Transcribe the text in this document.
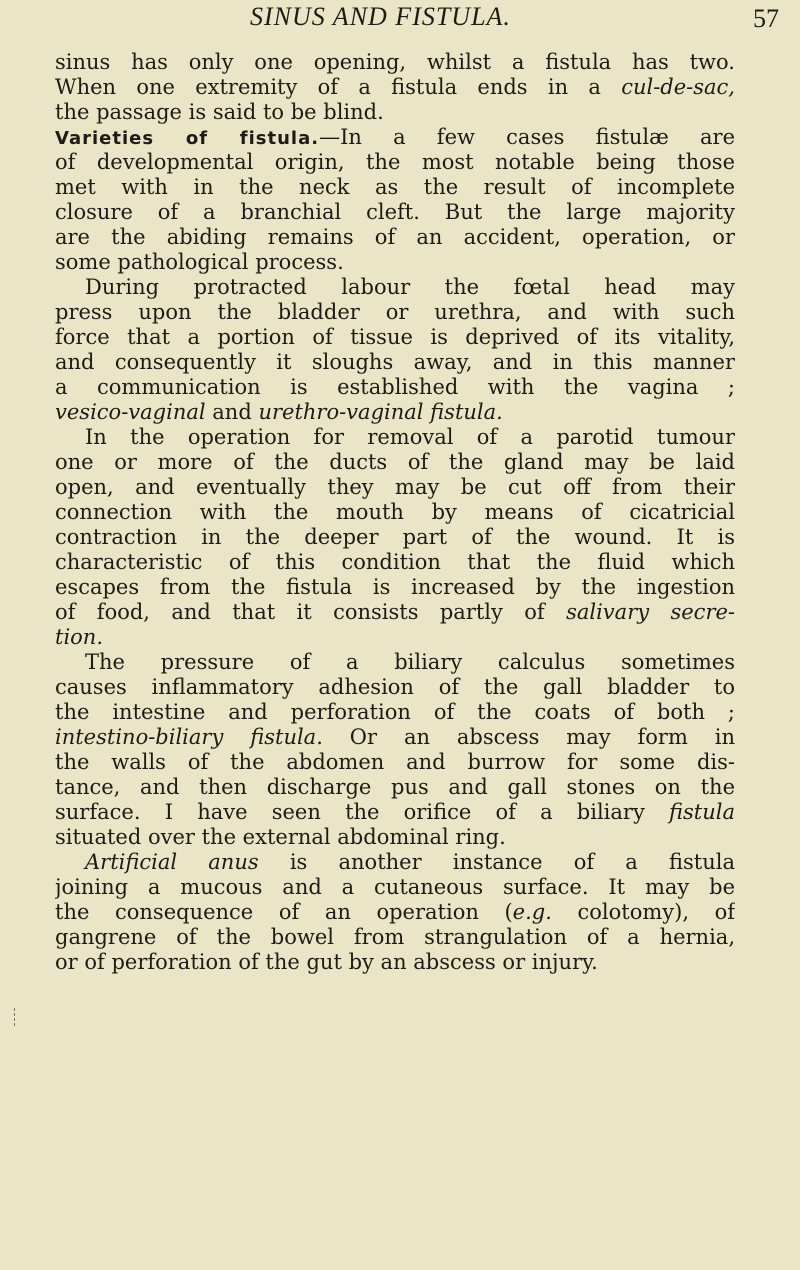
SINUS AND FISTULA.	57
sinus has only one opening, whilst a fistula has two.
When one extremity of a fistula ends in a cul-de-sac,
the passage is said to be blind.
Varieties of fistula.—In a few cases fistulæ are
of developmental origin, the most notable being those
met with in the neck as the result of incomplete
closure of a branchial cleft. But the large majority
are the abiding remains of an accident, operation, or
some pathological process.
During protracted labour the fœtal head may
press upon the bladder or urethra, and with such
force that a portion of tissue is deprived of its vitality,
and consequently it sloughs away, and in this manner
a communication is established with the vagina ;
vesico-vaginal and urethro-vaginal fistula.
In the operation for removal of a parotid tumour
one or more of the ducts of the gland may be laid
open, and eventually they may be cut off from their
connection with the mouth by means of cicatricial
contraction in the deeper part of the wound. It is
characteristic of this condition that the fluid which
escapes from the fistula is increased by the ingestion
of food, and that it consists partly of salivary secre-
tion.
The pressure of a biliary calculus sometimes
causes inflammatory adhesion of the gall bladder to
the intestine and perforation of the coats of both ;
intestino-biliary fistula. Or an abscess may form in
the walls of the abdomen and burrow for some dis-
tance, and then discharge pus and gall stones on the
surface. I have seen the orifice of a biliary fistula
situated over the external abdominal ring.
Artificial anus is another instance of a fistula
joining a mucous and a cutaneous surface. It may be
the consequence of an operation (e.g. colotomy), of
gangrene of the bowel from strangulation of a hernia,
or of perforation of the gut by an abscess or injury.
